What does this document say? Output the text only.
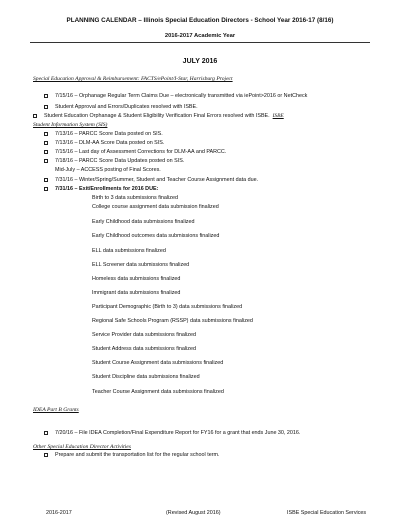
PLANNING CALENDAR – Illinois Special Education Directors - School Year 2016-17 (8/16)
2016-2017 Academic Year
JULY 2016
Special Education Approval & Reimbursement: FACTS/ePoint/I-Star, Harrisburg Project
7/15/16 – Orphanage Regular Term Claims Due – electronically transmitted via iePoint>2016 or NetCheck
Student Approval and Errors/Duplicates resolved with ISBE.
Student Education Orphanage & Student Eligibility Verification Final Errors resolved with ISBE. ISBE
Student Information System (SIS)
7/13/16 – PARCC Score Data posted on SIS.
7/13/16 – DLM-AA Score Data posted on SIS.
7/15/16 – Last day of Assessment Corrections for DLM-AA and PARCC.
7/18/16 – PARCC Score Data Updates posted on SIS.
Mid-July – ACCESS posting of Final Scores.
7/31/16 – Winter/Spring/Summer, Student and Teacher Course Assignment data due.
7/31/16 – Exit/Enrollments for 2016 DUE:
Birth to 3 data submissions finalized
College course assignment data submission finalized
Early Childhood data submissions finalized
Early Childhood outcomes data submissions finalized
ELL data submissions finalized
ELL Screener data submissions finalized
Homeless data submissions finalized
Immigrant data submissions finalized
Participant Demographic (Birth to 3) data submissions finalized
Regional Safe Schools Program (RSSP) data submissions finalized
Service Provider data submissions finalized
Student Address data submissions finalized
Student Course Assignment data submissions finalized
Student Discipline data submissions finalized
Teacher Course Assignment data submissions finalized
IDEA Part B Grants
7/20/16 – File IDEA Completion/Final Expenditure Report for FY16 for a grant that ends June 30, 2016.
Other Special Education Director Activities
Prepare and submit the transportation list for the regular school term.
2016-2017	(Revised August 2016)	ISBE Special Education Services
